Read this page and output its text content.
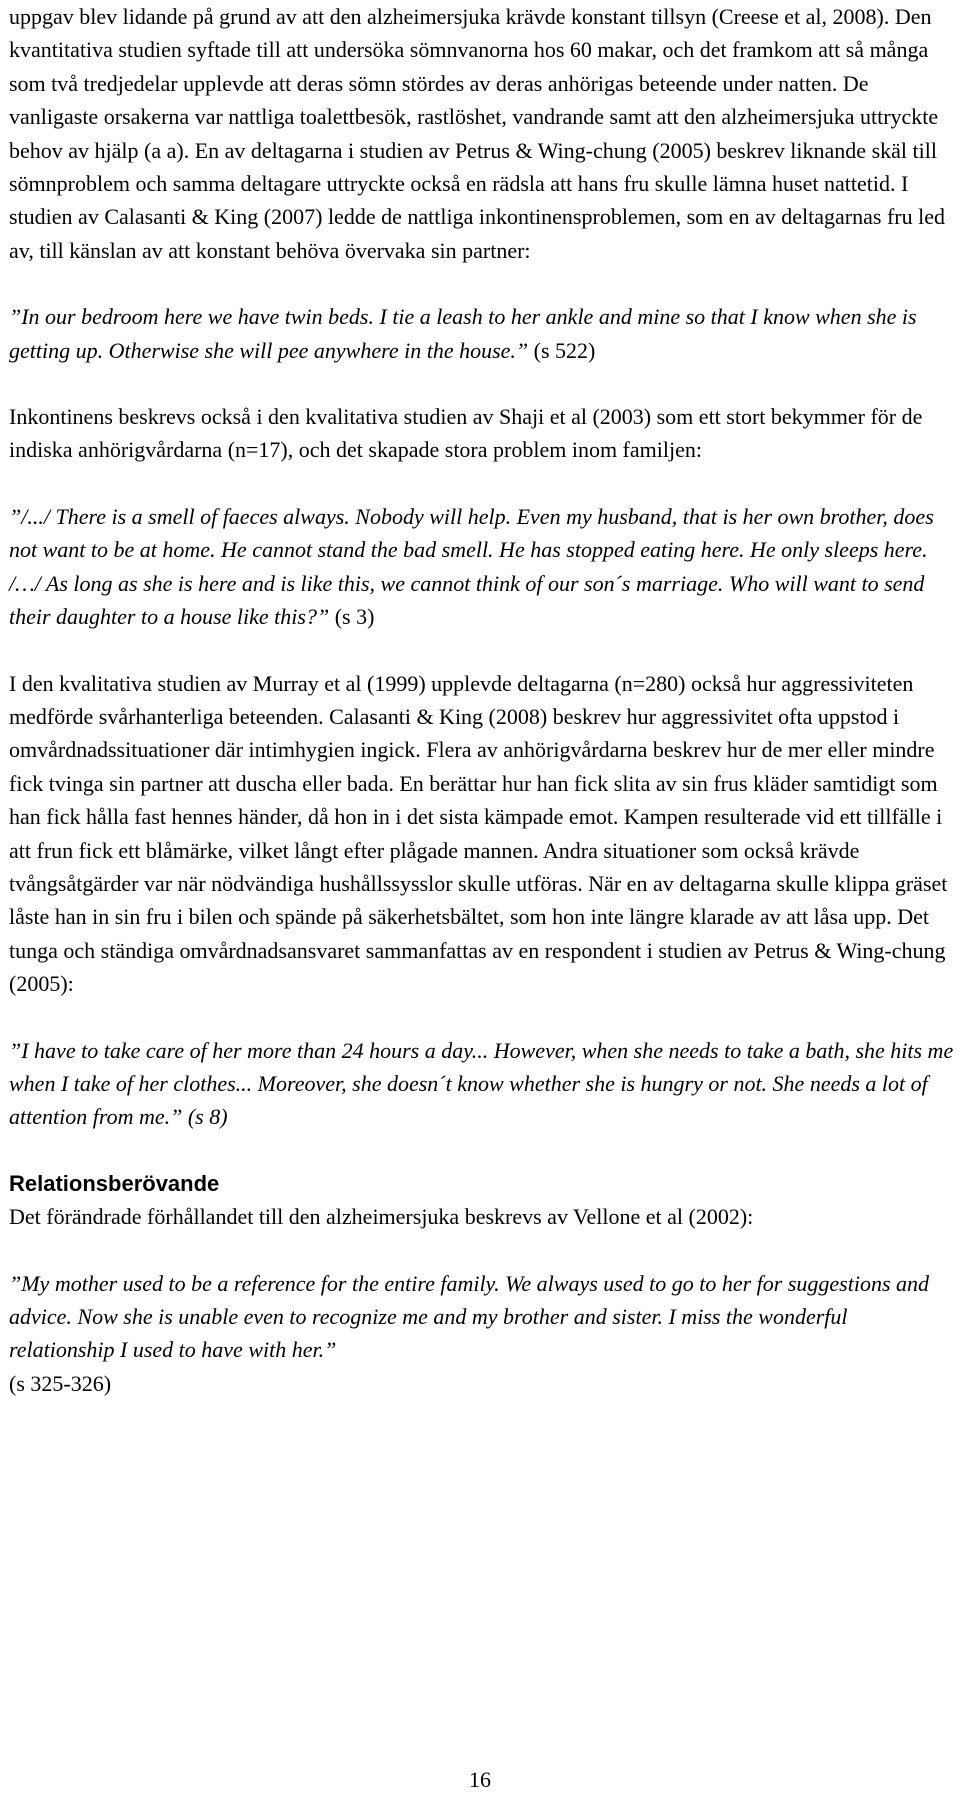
uppgav blev lidande på grund av att den alzheimersjuka krävde konstant tillsyn (Creese et al, 2008). Den kvantitativa studien syftade till att undersöka sömnvanorna hos 60 makar, och det framkom att så många som två tredjedelar upplevde att deras sömn stördes av deras anhörigas beteende under natten. De vanligaste orsakerna var nattliga toalettbesök, rastlöshet, vandrande samt att den alzheimersjuka uttryckte behov av hjälp (a a). En av deltagarna i studien av Petrus & Wing-chung (2005) beskrev liknande skäl till sömnproblem och samma deltagare uttryckte också en rädsla att hans fru skulle lämna huset nattetid. I studien av Calasanti & King (2007) ledde de nattliga inkontinensproblemen, som en av deltagarnas fru led av, till känslan av att konstant behöva övervaka sin partner:

”In our bedroom here we have twin beds. I tie a leash to her ankle and mine so that I know when she is getting up. Otherwise she will pee anywhere in the house.” (s 522)

Inkontinens beskrevs också i den kvalitativa studien av Shaji et al (2003) som ett stort bekymmer för de indiska anhörigvårdarna (n=17), och det skapade stora problem inom familjen:

”/.../ There is a smell of faeces always. Nobody will help. Even my husband, that is her own brother, does not want to be at home. He cannot stand the bad smell. He has stopped eating here. He only sleeps here. /…/ As long as she is here and is like this, we cannot think of our son´s marriage. Who will want to send their daughter to a house like this?” (s 3)

I den kvalitativa studien av Murray et al (1999) upplevde deltagarna (n=280) också hur aggressiviteten medförde svårhanterliga beteenden. Calasanti & King (2008) beskrev hur aggressivitet ofta uppstod i omvårdnadssituationer där intimhygien ingick. Flera av anhörigvårdarna beskrev hur de mer eller mindre fick tvinga sin partner att duscha eller bada. En berättar hur han fick slita av sin frus kläder samtidigt som han fick hålla fast hennes händer, då hon in i det sista kämpade emot. Kampen resulterade vid ett tillfälle i att frun fick ett blåmärke, vilket långt efter plågade mannen. Andra situationer som också krävde tvångsåtgärder var när nödvändiga hushållssysslor skulle utföras. När en av deltagarna skulle klippa gräset låste han in sin fru i bilen och spände på säkerhetsbältet, som hon inte längre klarade av att låsa upp. Det tunga och ständiga omvårdnadsansvaret sammanfattas av en respondent i studien av Petrus & Wing-chung (2005):

”I have to take care of her more than 24 hours a day... However, when she needs to take a bath, she hits me when I take of her clothes... Moreover, she doesn´t know whether she is hungry or not. She needs a lot of attention from me.” (s 8)

Relationsberövande

Det förändrade förhållandet till den alzheimersjuka beskrevs av Vellone et al (2002):

”My mother used to be a reference for the entire family. We always used to go to her for suggestions and advice. Now she is unable even to recognize me and my brother and sister. I miss the wonderful relationship I used to have with her.”

(s 325-326)

16
